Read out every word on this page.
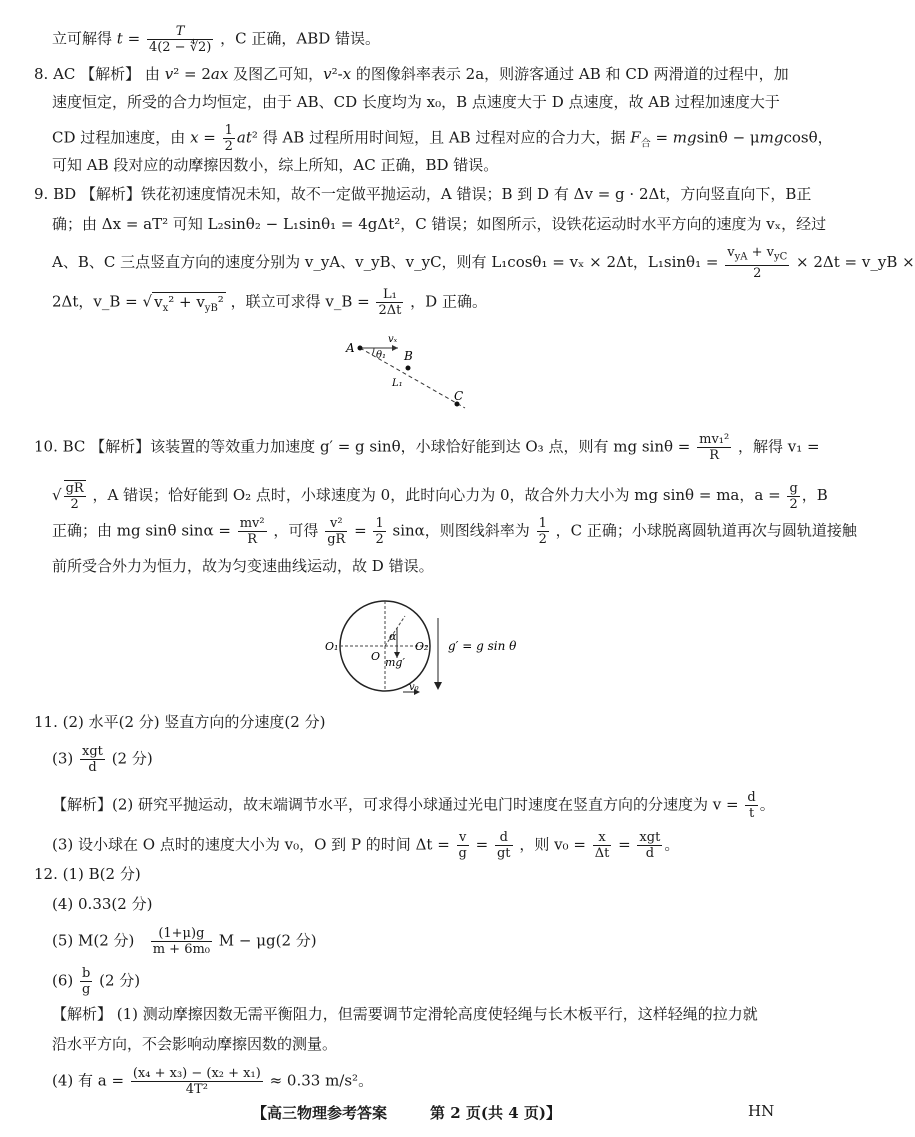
立可解得 $t = \frac{T}{4(2 - ∜2)}$ ，C 正确，ABD 错误。
8. AC 【解析】 由 v² = 2ax 及图乙可知，v²-x 的图像斜率表示 2a，则游客通过 AB 和 CD 两滑道的过程中，加
速度恒定，所受的合力均恒定，由于 AB、CD 长度均为 x₀，B 点速度大于 D 点速度，故 AB 过程加速度大于
CD 过程加速度，由 $x = \frac{1}{2} at^2$ 得 AB 过程所用时间短，且 AB 过程对应的合力大，据 $F_合 = mgsin\theta - \mu mgcos\theta$，
可知 AB 段对应的动摩擦因数小，综上所知，AC 正确，BD 错误。
9. BD 【解析】铁花初速度情况未知，故不一定做平抛运动，A 错误；B 到 D 有 Δv = g · 2Δt，方向竖直向下，B正
确；由 Δx = aT² 可知 L₂sinθ₂ − L₁sinθ₁ = 4gΔt²，C 错误；如图所示，设铁花运动时水平方向的速度为 vₓ，经过
A、B、C 三点竖直方向的速度分别为 v_yA、v_yB、v_yC，则有 L₁cosθ₁ = vₓ × 2Δt，$L_1\sin\theta_1 = \frac{v_{yA} + v_{yC}}{2} \times 2\Delta t$ = v_yB ×
2Δt，v_B = √ $v_x^2 + v_{yB}^2$ ，联立可求得 v_B = $\frac{\text{L₁}}{2\Delta t}$ ，D 正确。
A
B
C
vₓ
θ₁
L₁
10. BC 【解析】该装置的等效重力加速度 g′ = g sinθ，小球恰好能到达 O₃ 点，则有 mg $\sin\theta = \frac{\text{mv₁²}}{R}$ ，解得 v₁ =
√ $\frac{gR}{2}$ ，A 错误；恰好能到 O₂ 点时，小球速度为 0，此时向心力为 0，故合外力大小为 mg sinθ = ma，$a = \frac{g}{2}$ ，B
正确；由 mg sinθ $\sin\alpha = \frac{\text{mv²}}{R}$ ，可得 $\frac{\text{v²}}{gR} = \frac{1}{2}$ sinα，则图线斜率为 $\frac{1}{2}$ ，C 正确；小球脱离圆轨道再次与圆轨道接触
前所受合外力为恒力，故为匀变速曲线运动，故 D 错误。
O₁	O₂
O
α
mg′
v₀
g′ = g sin θ
11. (2) 水平(2 分) 竖直方向的分速度(2 分)
$(3) \frac{\text{xgt}}{d} (2$ 分)
【解析】(2) 研究平抛运动，故末端调节水平，可求得小球通过光电门时速度在竖直方向的分速度为 $v = \frac{d}{t}$ 。
(3) 设小球在 O 点时的速度大小为 v₀，O 到 P 的时间 $\Delta t = \frac{v}{g} = \frac{d}{gt}$ ，则 $v_0 = \frac{x}{\Delta t} = \frac{\text{xgt}}{d}$ 。
12. (1) B(2 分)
(4) 0.33(2 分)
(5) M(2 分) $\frac{(1+\mu)g}{\text{m + 6m₀}}$ M − μg(2 分)
$(6) \frac{b}{g} (2$ 分)
【解析】 (1) 测动摩擦因数无需平衡阻力，但需要调节定滑轮高度使轻绳与长木板平行，这样轻绳的拉力就
沿水平方向，不会影响动摩擦因数的测量。
(4) 有 $a = \frac{\text{(x₄ + x₃) − (x₂ + x₁)}}{\text{4T²}} \approx 0.33$ m/s²。
【高三物理参考答案	第 2 页(共 4 页)】	HN
